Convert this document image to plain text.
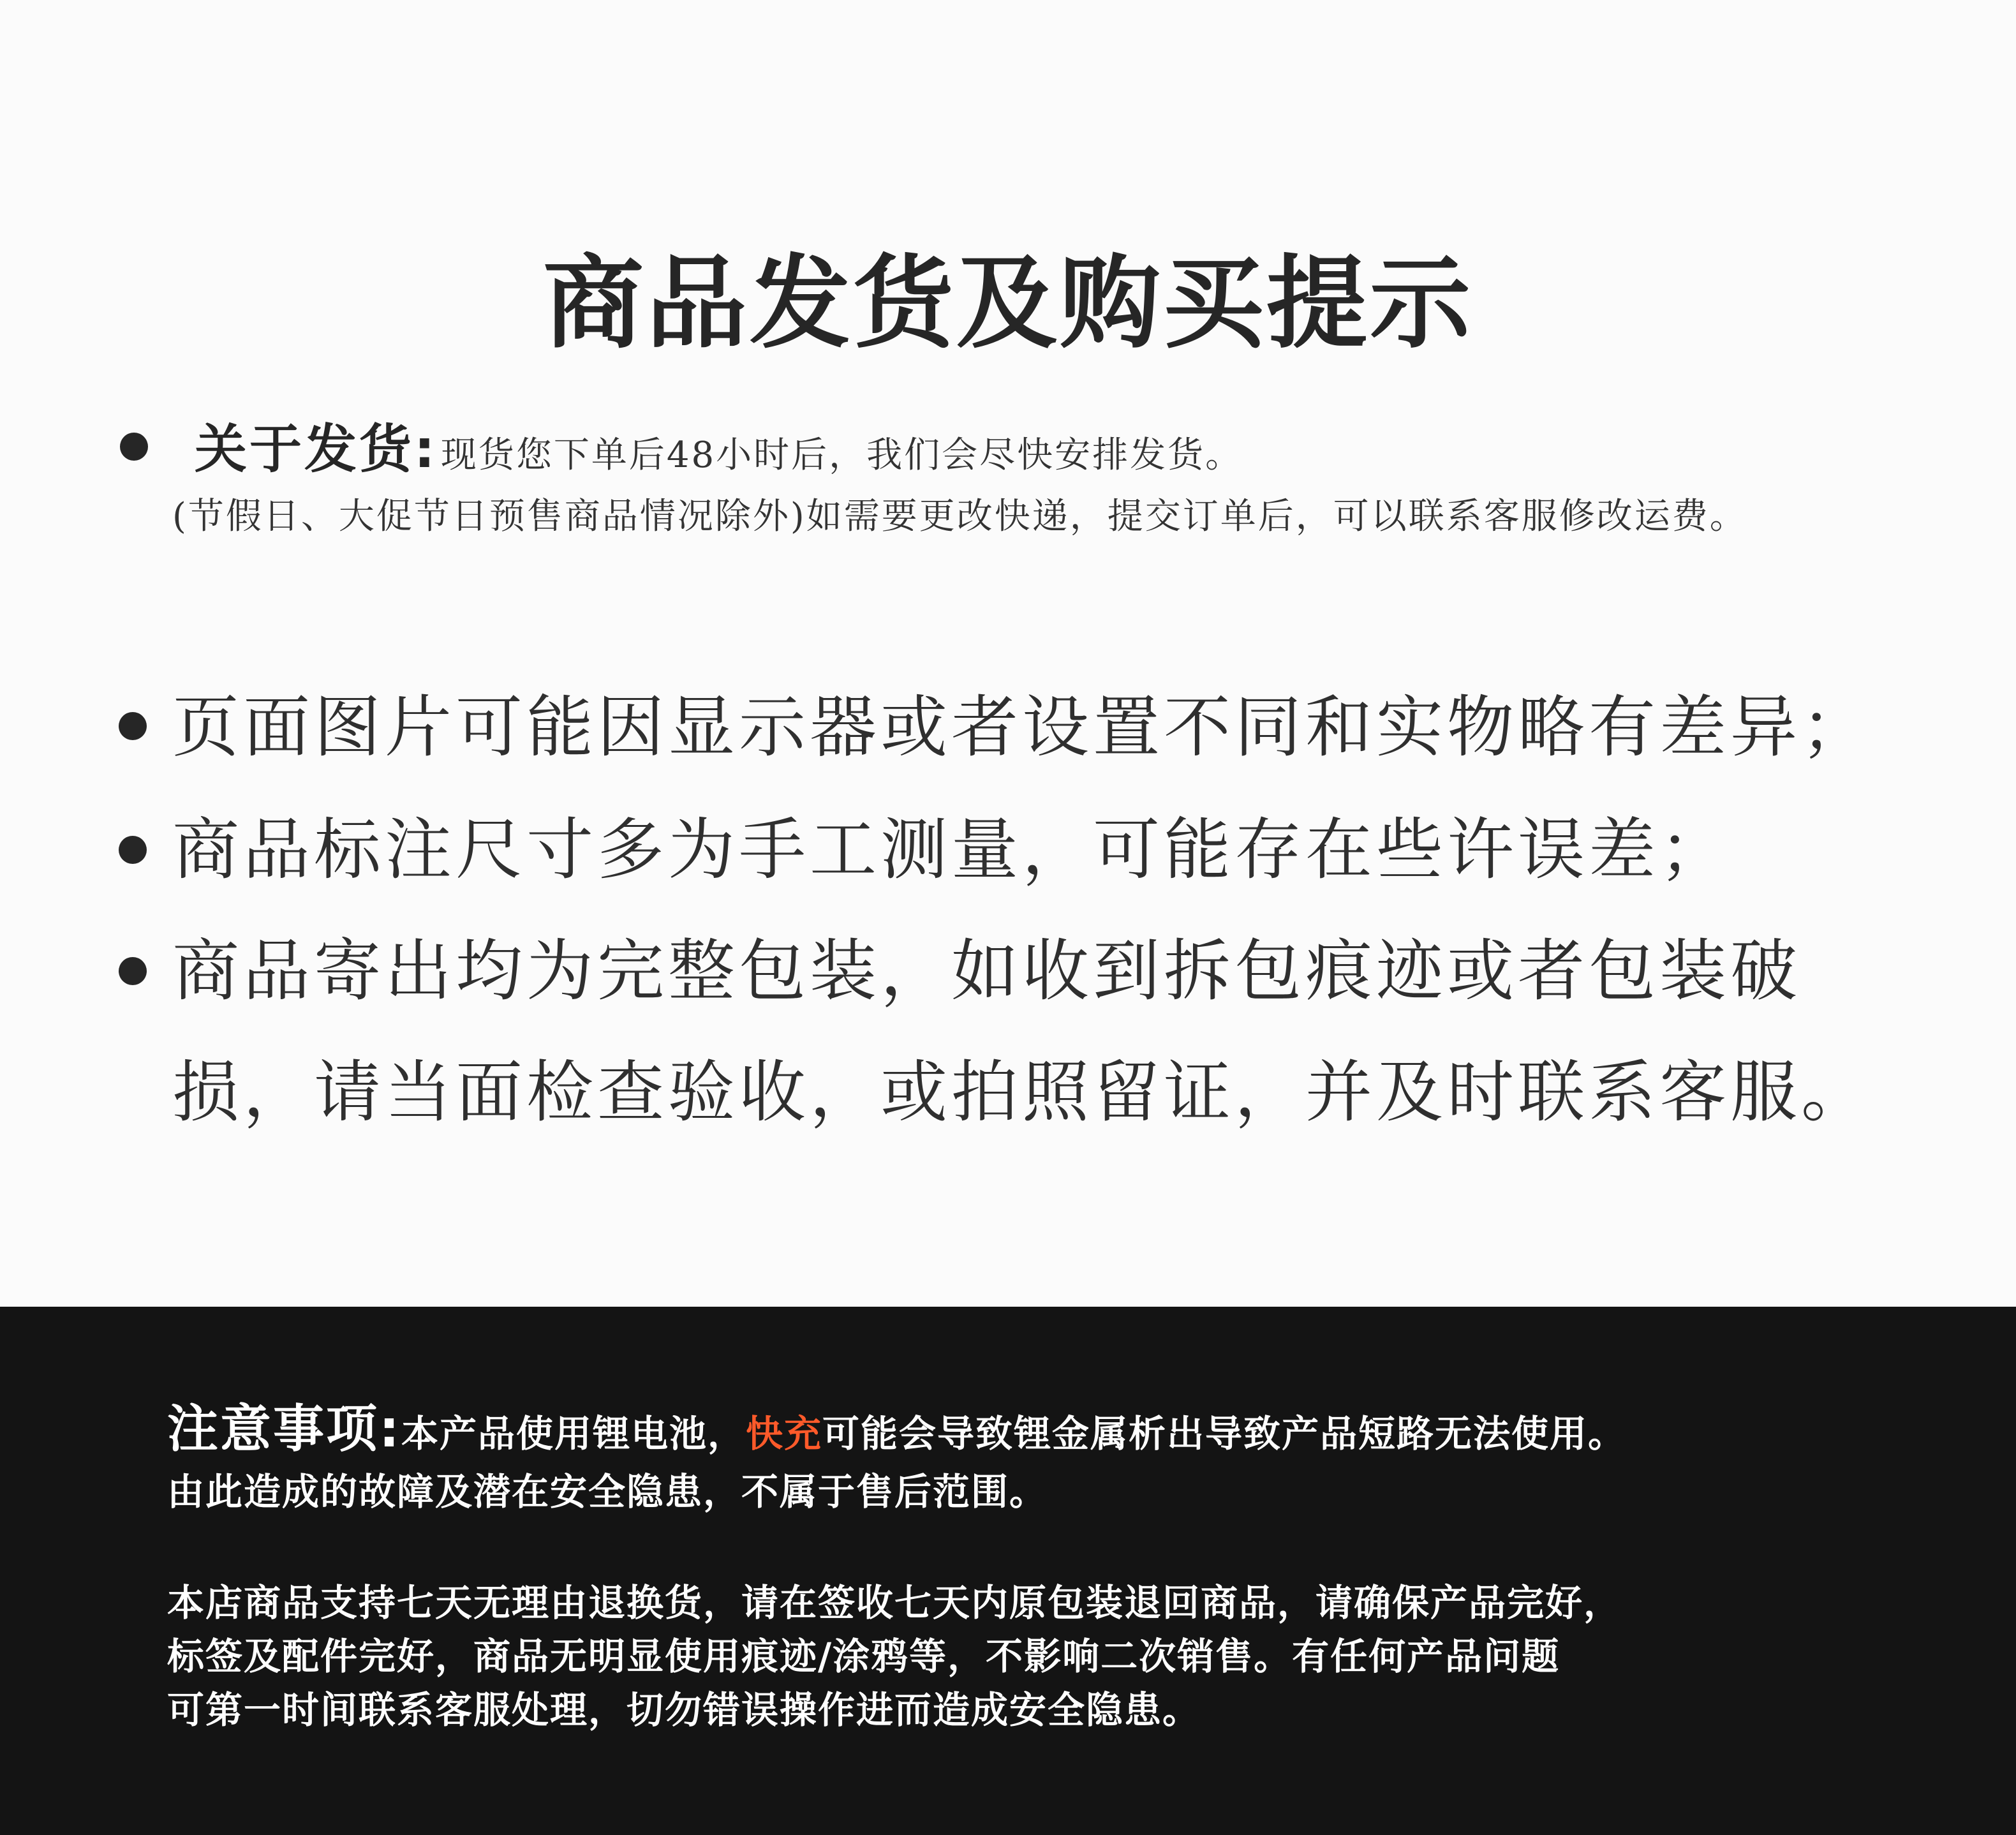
商品发货及购买提示
关于发货: 现货您下单后48小时后，我们会尽快安排发货。
(节假日、大促节日预售商品情况除外)如需要更改快递，提交订单后，可以联系客服修改运费。
页面图片可能因显示器或者设置不同和实物略有差异；
商品标注尺寸多为手工测量，可能存在些许误差；
商品寄出均为完整包装，如收到拆包痕迹或者包装破
损，请当面检查验收，或拍照留证，并及时联系客服。
注意事项:本产品使用锂电池，快充可能会导致锂金属析出导致产品短路无法使用。
由此造成的故障及潜在安全隐患，不属于售后范围。
本店商品支持七天无理由退换货，请在签收七天内原包装退回商品，请确保产品完好，
标签及配件完好，商品无明显使用痕迹/涂鸦等，不影响二次销售。有任何产品问题
可第一时间联系客服处理，切勿错误操作进而造成安全隐患。
